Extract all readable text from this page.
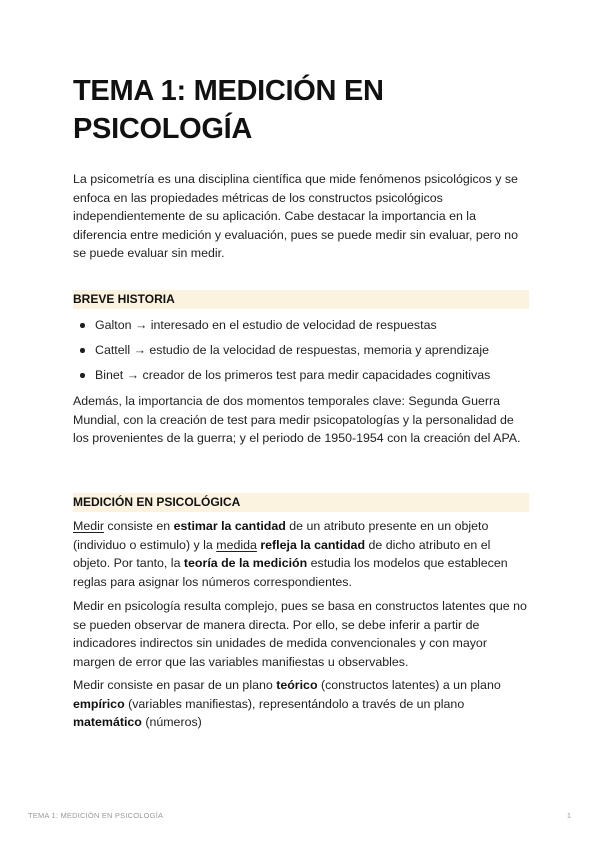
TEMA 1: MEDICIÓN EN PSICOLOGÍA

La psicometría es una disciplina científica que mide fenómenos psicológicos y se enfoca en las propiedades métricas de los constructos psicológicos independientemente de su aplicación. Cabe destacar la importancia en la diferencia entre medición y evaluación, pues se puede medir sin evaluar, pero no se puede evaluar sin medir.

BREVE HISTORIA
Galton → interesado en el estudio de velocidad de respuestas
Cattell → estudio de la velocidad de respuestas, memoria y aprendizaje
Binet → creador de los primeros test para medir capacidades cognitivas

Además, la importancia de dos momentos temporales clave: Segunda Guerra Mundial, con la creación de test para medir psicopatologías y la personalidad de los provenientes de la guerra; y el periodo de 1950-1954 con la creación del APA.

MEDICIÓN EN PSICOLÓGICA

Medir consiste en estimar la cantidad de un atributo presente en un objeto (individuo o estimulo) y la medida refleja la cantidad de dicho atributo en el objeto. Por tanto, la teoría de la medición estudia los modelos que establecen reglas para asignar los números correspondientes.

Medir en psicología resulta complejo, pues se basa en constructos latentes que no se pueden observar de manera directa. Por ello, se debe inferir a partir de indicadores indirectos sin unidades de medida convencionales y con mayor margen de error que las variables manifiestas u observables.

Medir consiste en pasar de un plano teórico (constructos latentes) a un plano empírico (variables manifiestas), representándolo a través de un plano matemático (números)

TEMA 1: MEDICIÓN EN PSICOLOGÍA	1
